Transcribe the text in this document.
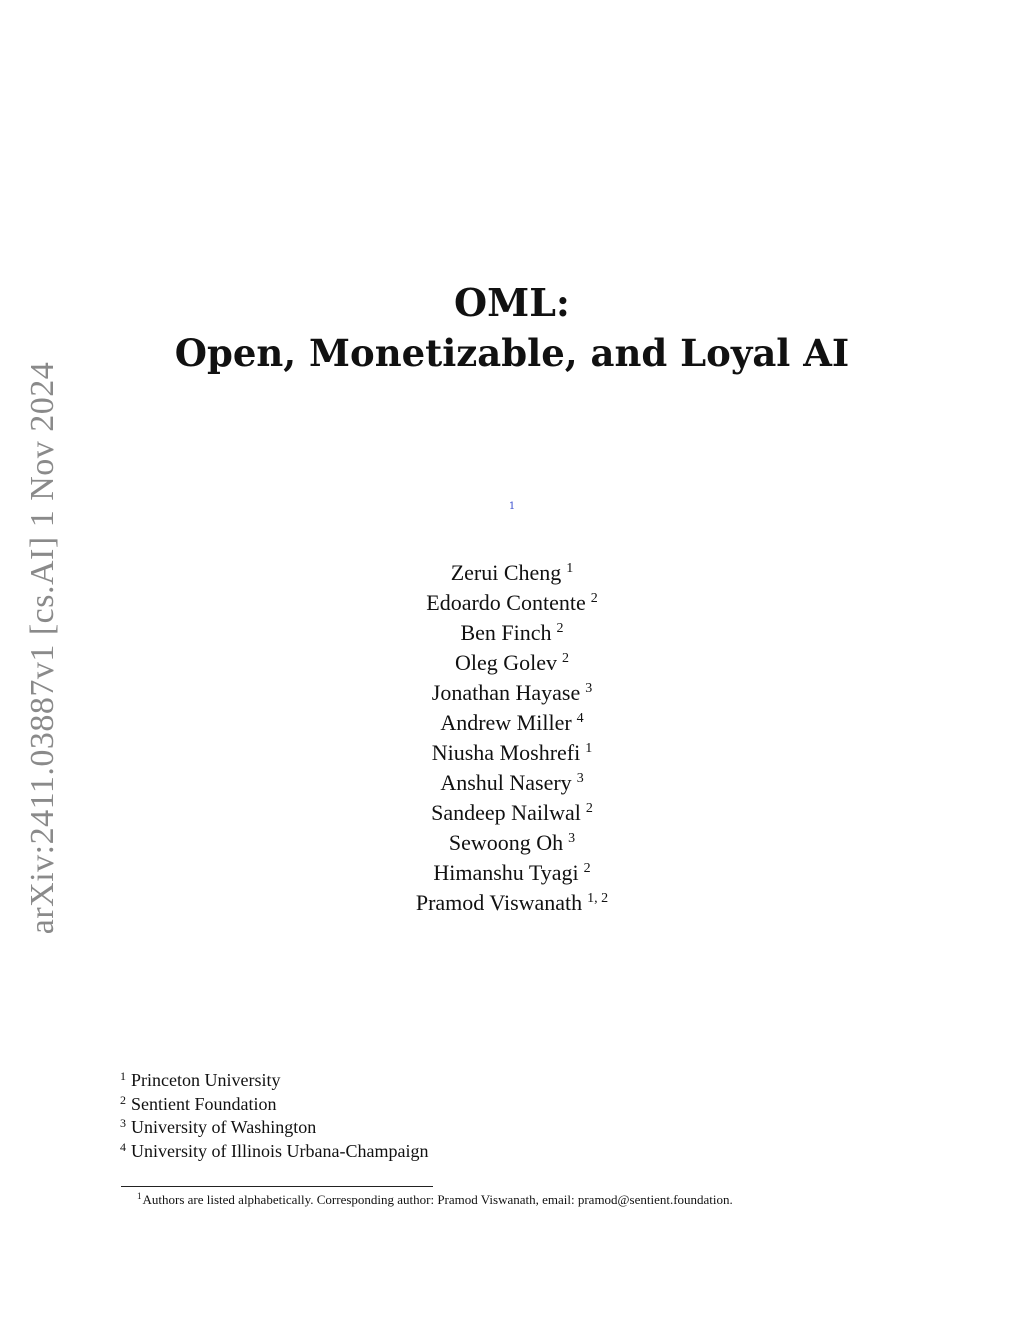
arXiv:2411.03887v1 [cs.AI] 1 Nov 2024
OML:
Open, Monetizable, and Loyal AI
1
Zerui Cheng $^1$
Edoardo Contente $^2$
Ben Finch $^2$
Oleg Golev $^2$
Jonathan Hayase $^3$
Andrew Miller $^4$
Niusha Moshrefi $^1$
Anshul Nasery $^3$
Sandeep Nailwal $^2$
Sewoong Oh $^3$
Himanshu Tyagi $^2$
Pramod Viswanath $^{1, 2}$
$^1$ Princeton University
$^2$ Sentient Foundation
$^3$ University of Washington
$^4$ University of Illinois Urbana-Champaign
$^1$Authors are listed alphabetically. Corresponding author: Pramod Viswanath, email: pramod@sentient.foundation.
